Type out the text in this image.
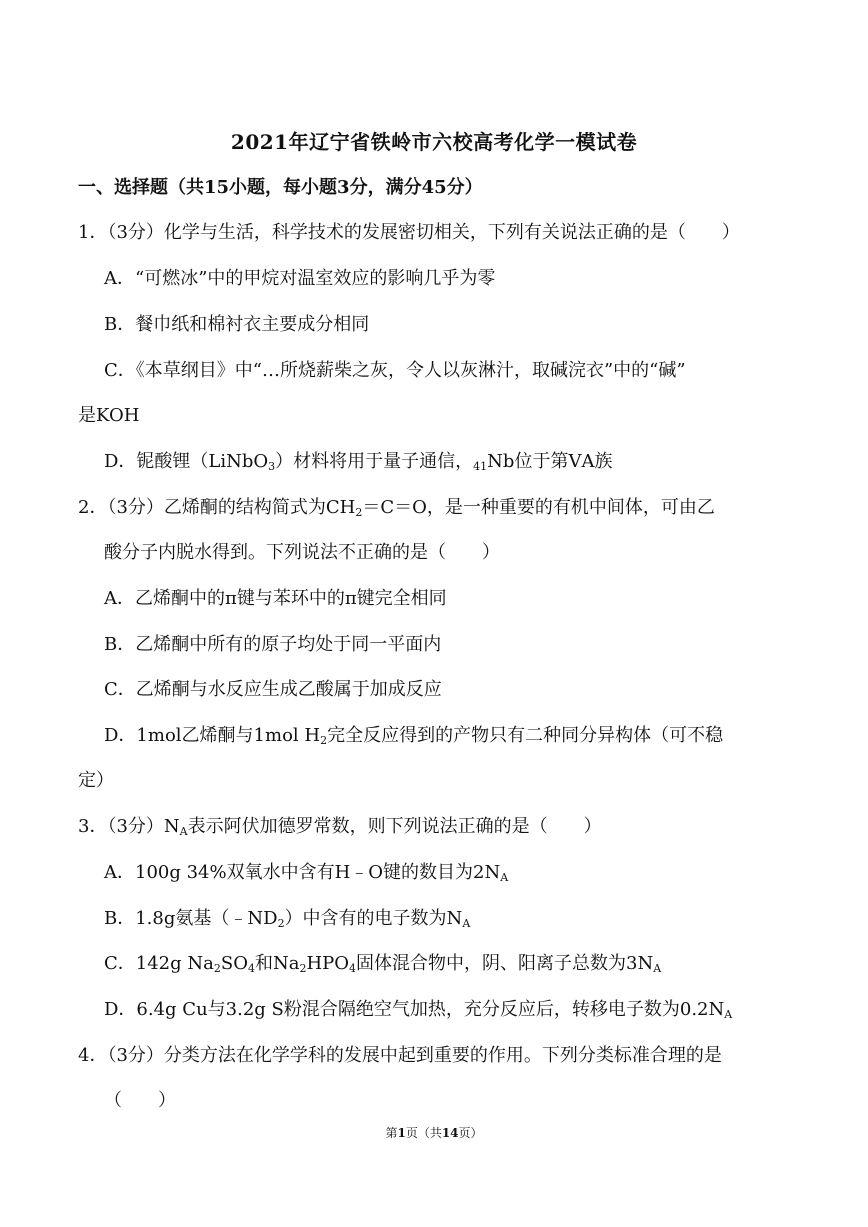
2021年辽宁省铁岭市六校高考化学一模试卷
一、选择题（共15小题，每小题3分，满分45分）
1．（3分）化学与生活，科学技术的发展密切相关，下列有关说法正确的是（　　）
A．“可燃冰”中的甲烷对温室效应的影响几乎为零
B．餐巾纸和棉衬衣主要成分相同
C．《本草纲目》中“…所烧薪柴之灰，令人以灰淋汁，取碱浣衣”中的“碱”
是KOH
D．铌酸锂（LiNbO$_3$）材料将用于量子通信，$_{41}$Nb位于第ⅤA族
2．（3分）乙烯酮的结构简式为$CH_2=C=O$，是一种重要的有机中间体，可由乙
酸分子内脱水得到。下列说法不正确的是（　　）
A．乙烯酮中的π键与苯环中的π键完全相同
B．乙烯酮中所有的原子均处于同一平面内
C．乙烯酮与水反应生成乙酸属于加成反应
D．1mol乙烯酮与1mol $H_2$完全反应得到的产物只有二种同分异构体（可不稳
定）
3．（3分）$N_A$表示阿伏加德罗常数，则下列说法正确的是（　　）
A．100g 34%双氧水中含有H﹣O键的数目为$2N_A$
B．1.8g氨基$(﹣ND_2)$中含有的电子数为$N_A$
C．142g $Na_2SO_4$和$Na_2HPO_4$固体混合物中，阴、阳离子总数为$3N_A$
D．6.4g Cu与3.2g S粉混合隔绝空气加热，充分反应后，转移电子数为$0.2N_A$
4．（3分）分类方法在化学学科的发展中起到重要的作用。下列分类标准合理的是
（　　）
第1页（共14页）
